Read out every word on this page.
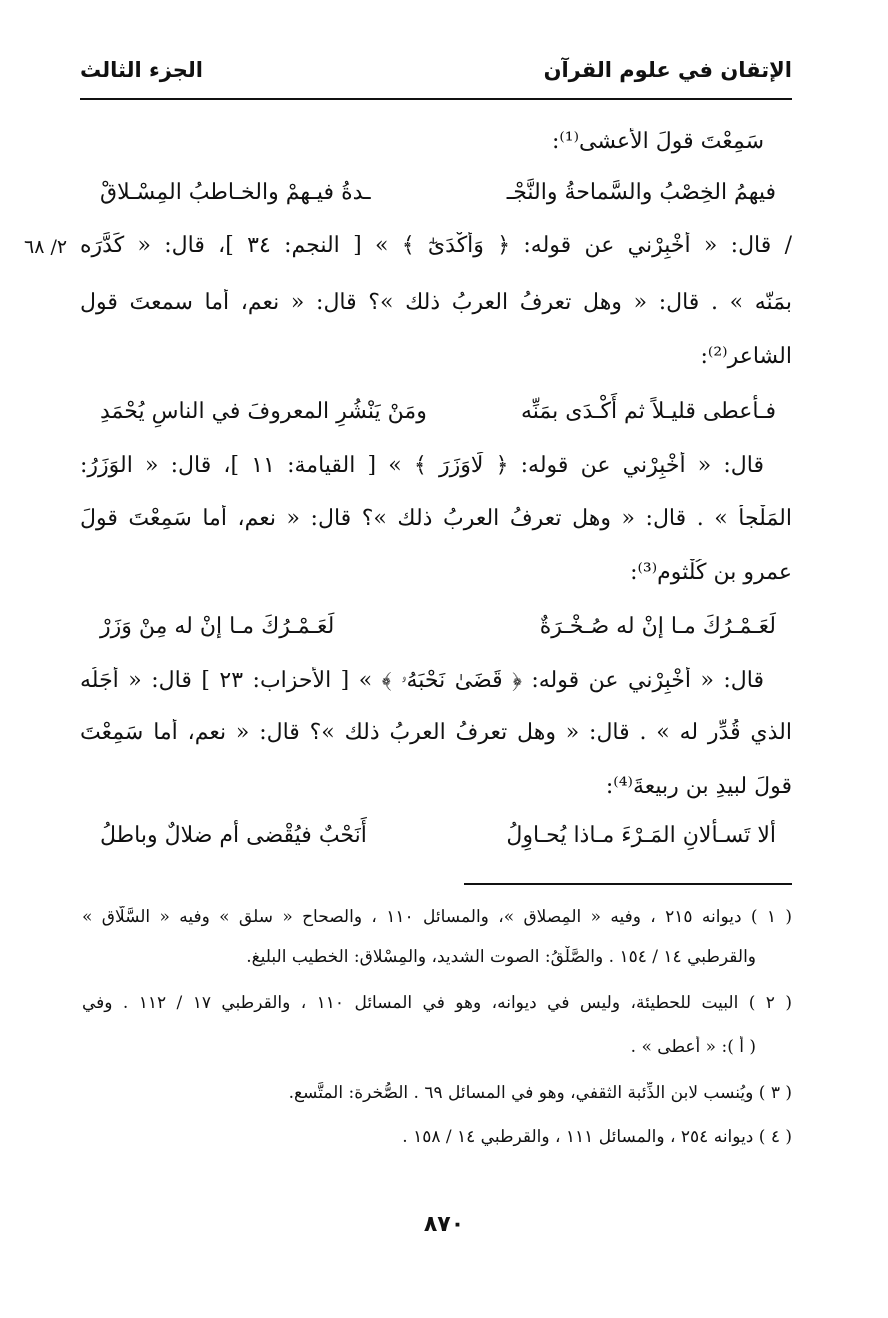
الإتقان في علوم القرآن
الجزء الثالث
سَمِعْتَ قولَ الأعشى⁽¹⁾:
فيهمُ الخِصْبُ والسَّماحةُ والنَّجْـ
ـدةُ فيـهمْ والخـاطبُ المِسْـلاقْ
/ قال: « أَخْبِرْني عن قوله: ﴿ وَأَكْدَىٰٓ ﴾ » [ النجم: ٣٤ ]، قال: « كَدَّرَه
٢/ ٦٨
بمَنّه » . قال: « وهل تعرفُ العربُ ذلك »؟ قال: « نعم، أما سمعتَ قول
الشاعر⁽²⁾:
فـأعطى قليـلاً ثم أَكْـدَى بمَنِّه
ومَنْ يَنْشُرِ المعروفَ في الناسِ يُحْمَدِ
قال: « أَخْبِرْني عن قوله: ﴿ لَاوَزَرَ ﴾ » [ القيامة: ١١ ]، قال: « الوَزَرُ:
المَلْجأ » . قال: « وهل تعرفُ العربُ ذلك »؟ قال: « نعم، أما سَمِعْتَ قولَ
عمرو بن كُلْثوم⁽³⁾:
لَعَـمْـرُكَ مـا إنْ له صُـخْـرَةٌ
لَعَـمْـرُكَ مـا إنْ له مِنْ وَزَرْ
قال: « أَخْبِرْني عن قوله: ﴿ قَضَىٰ نَحْبَهُۥ ﴾ » [ الأحزاب: ٢٣ ] قال: « أَجَلُه
الذي قُدِّر له » . قال: « وهل تعرفُ العربُ ذلك »؟ قال: « نعم، أما سَمِعْتَ
قولَ لبيدِ بن ربيعةَ⁽⁴⁾:
ألا تَسـألانِ المَـرْءَ مـاذا يُحـاوِلُ
أَنَحْبٌ فيُقْضى أم ضلالٌ وباطلُ
( ١ ) ديوانه ٢١٥ ، وفيه « المِصلاق »، والمسائل ١١٠ ، والصحاح « سلق » وفيه « السَّلَّاق »
والقرطبي ١٤ / ١٥٤ . والصَّلْقُ: الصوت الشديد، والمِسْلاق: الخطيب البليغ.
( ٢ ) البيت للحطيئة، وليس في ديوانه، وهو في المسائل ١١٠ ، والقرطبي ١٧ / ١١٢ . وفي
( أ ): « أعطى » .
( ٣ ) ويُنسب لابن الذِّئبة الثقفي، وهو في المسائل ٦٩ . الصُّخرة: المتَّسع.
( ٤ ) ديوانه ٢٥٤ ، والمسائل ١١١ ، والقرطبي ١٤ / ١٥٨ .
٨٧٠
